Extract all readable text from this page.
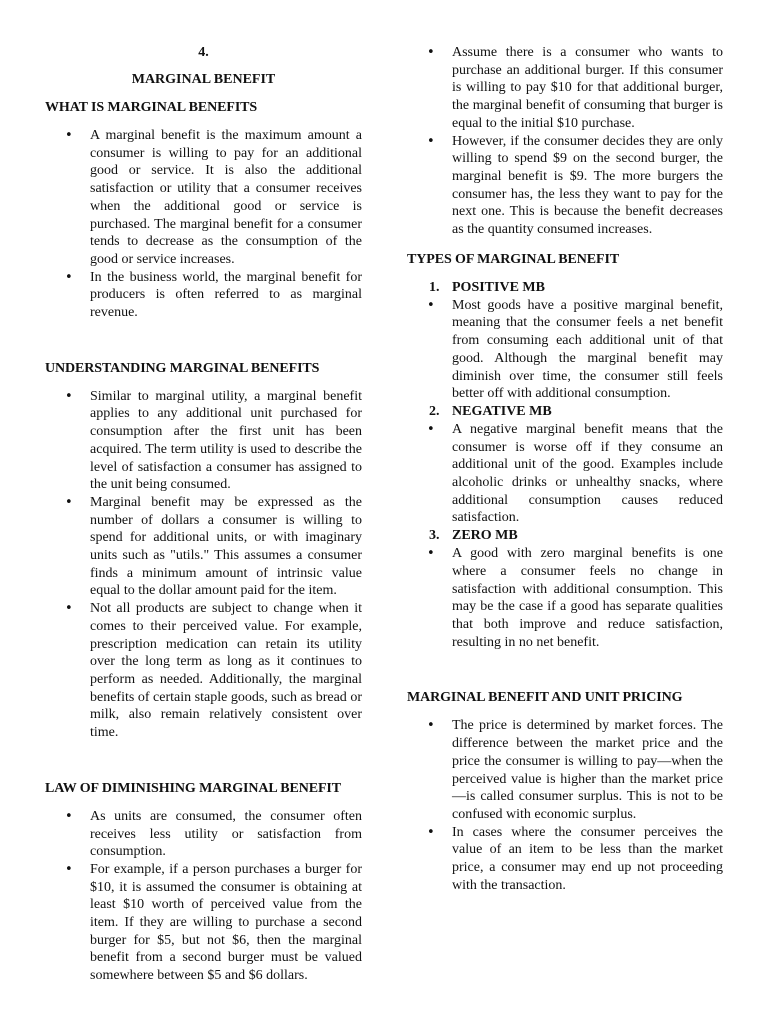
4.
MARGINAL BENEFIT
WHAT IS MARGINAL BENEFITS
• A marginal benefit is the maximum amount a consumer is willing to pay for an additional good or service. It is also the additional satisfaction or utility that a consumer receives when the additional good or service is purchased. The marginal benefit for a consumer tends to decrease as the consumption of the good or service increases.
• In the business world, the marginal benefit for producers is often referred to as marginal revenue.
UNDERSTANDING MARGINAL BENEFITS
• Similar to marginal utility, a marginal benefit applies to any additional unit purchased for consumption after the first unit has been acquired. The term utility is used to describe the level of satisfaction a consumer has assigned to the unit being consumed.
• Marginal benefit may be expressed as the number of dollars a consumer is willing to spend for additional units, or with imaginary units such as "utils." This assumes a consumer finds a minimum amount of intrinsic value equal to the dollar amount paid for the item.
• Not all products are subject to change when it comes to their perceived value. For example, prescription medication can retain its utility over the long term as long as it continues to perform as needed. Additionally, the marginal benefits of certain staple goods, such as bread or milk, also remain relatively consistent over time.
LAW OF DIMINISHING MARGINAL BENEFIT
• As units are consumed, the consumer often receives less utility or satisfaction from consumption.
• For example, if a person purchases a burger for $10, it is assumed the consumer is obtaining at least $10 worth of perceived value from the item. If they are willing to purchase a second burger for $5, but not $6, then the marginal benefit from a second burger must be valued somewhere between $5 and $6 dollars.
• Assume there is a consumer who wants to purchase an additional burger. If this consumer is willing to pay $10 for that additional burger, the marginal benefit of consuming that burger is equal to the initial $10 purchase.
• However, if the consumer decides they are only willing to spend $9 on the second burger, the marginal benefit is $9. The more burgers the consumer has, the less they want to pay for the next one. This is because the benefit decreases as the quantity consumed increases.
TYPES OF MARGINAL BENEFIT
1. POSITIVE MB
• Most goods have a positive marginal benefit, meaning that the consumer feels a net benefit from consuming each additional unit of that good. Although the marginal benefit may diminish over time, the consumer still feels better off with additional consumption.
2. NEGATIVE MB
• A negative marginal benefit means that the consumer is worse off if they consume an additional unit of the good. Examples include alcoholic drinks or unhealthy snacks, where additional consumption causes reduced satisfaction.
3. ZERO MB
• A good with zero marginal benefits is one where a consumer feels no change in satisfaction with additional consumption. This may be the case if a good has separate qualities that both improve and reduce satisfaction, resulting in no net benefit.
MARGINAL BENEFIT AND UNIT PRICING
• The price is determined by market forces. The difference between the market price and the price the consumer is willing to pay—when the perceived value is higher than the market price—is called consumer surplus. This is not to be confused with economic surplus.
• In cases where the consumer perceives the value of an item to be less than the market price, a consumer may end up not proceeding with the transaction.
